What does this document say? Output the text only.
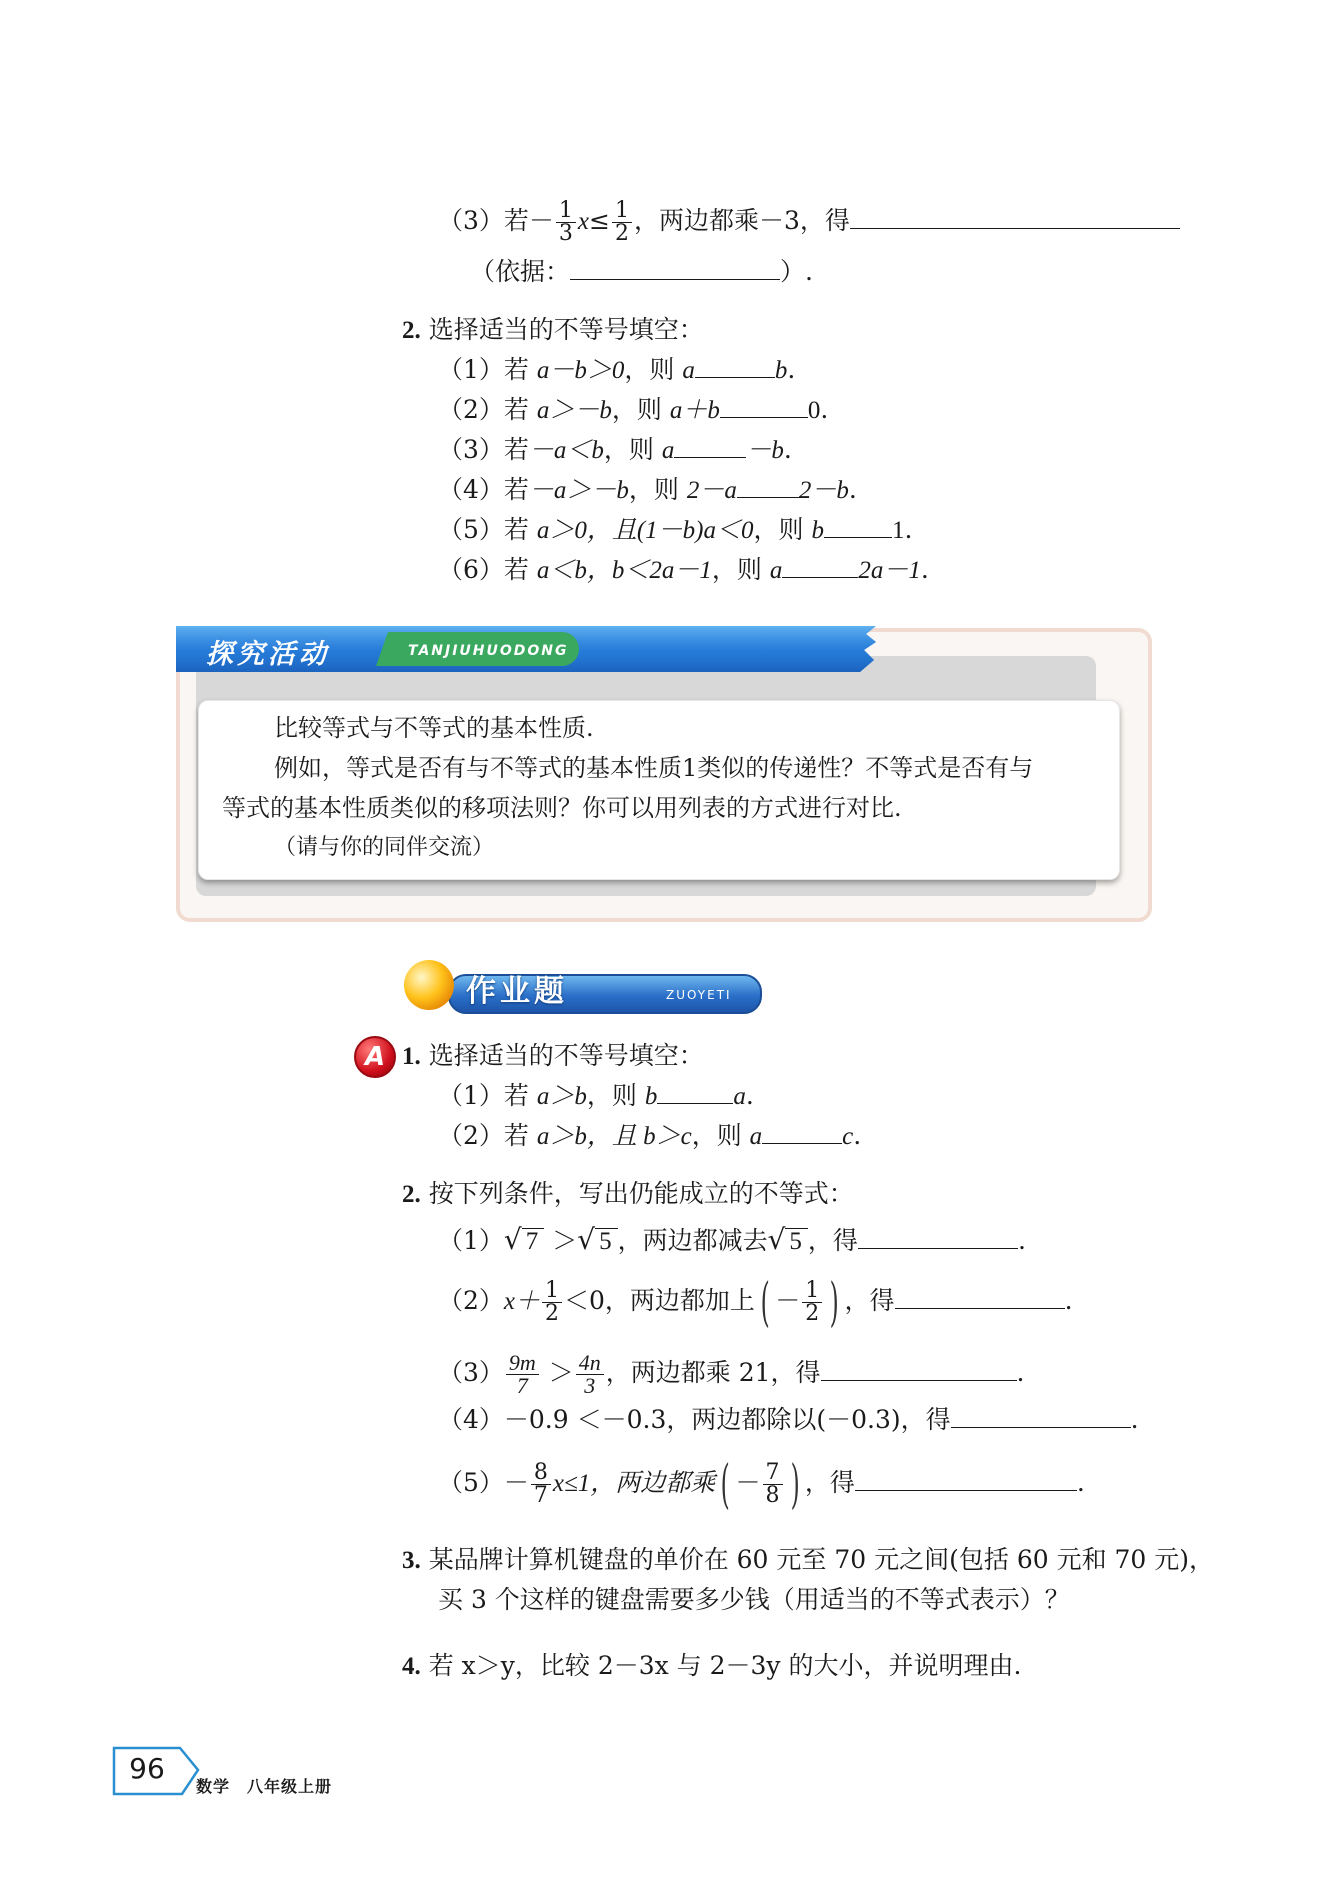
（3）若－ $\frac{1}{3} x\le \frac{1}{2}$ ，两边都乘－3，得
（依据：	）.
2. 选择适当的不等号填空：
（1）若 a－b＞0，则 a	b.
（2）若 a＞－b，则 a＋b	0.
（3）若－a＜b，则 a	－b.
（4）若－a＞－b，则 2－a 2－b.
（5）若 a＞0，且(1－b)a＜0，则 b	1.
（6）若 a＜b，b＜2a－1，则 a	2a－1.
探究活动	TANJIUHUODONG
比较等式与不等式的基本性质.
例如，等式是否有与不等式的基本性质1类似的传递性？不等式是否有与
等式的基本性质类似的移项法则？你可以用列表的方式进行对比.
（请与你的同伴交流）
作业题	ZUOYETI
A 1. 选择适当的不等号填空：
（1）若 a＞b，则 b	a.
（2）若 a＞b，且 b＞c，则 a	c.
2. 按下列条件，写出仍能成立的不等式：
（1）√ 7 ＞√ 5 ，两边都减去√ 5 ，得	.
$(2)x+ \frac{1}{2} <0$，两边都加上 ( － $\frac{1}{2}$ ) ，得	.
$(3) \frac{9m}{7} > \frac{4n}{3}$ ，两边都乘 21，得	.
（4）－0.9 ＜－0.3，两边都除以(－0.3)，得	.
$(5)- \frac{8}{7} x\le 1$，两边都乘 ( － $\frac{7}{8}$ ) ，得	.
3. 某品牌计算机键盘的单价在 60 元至 70 元之间(包括 60 元和 70 元)，
买 3 个这样的键盘需要多少钱（用适当的不等式表示）？
4. 若 x＞y，比较 2－3x 与 2－3y 的大小，并说明理由.
96
数学　八年级上册
